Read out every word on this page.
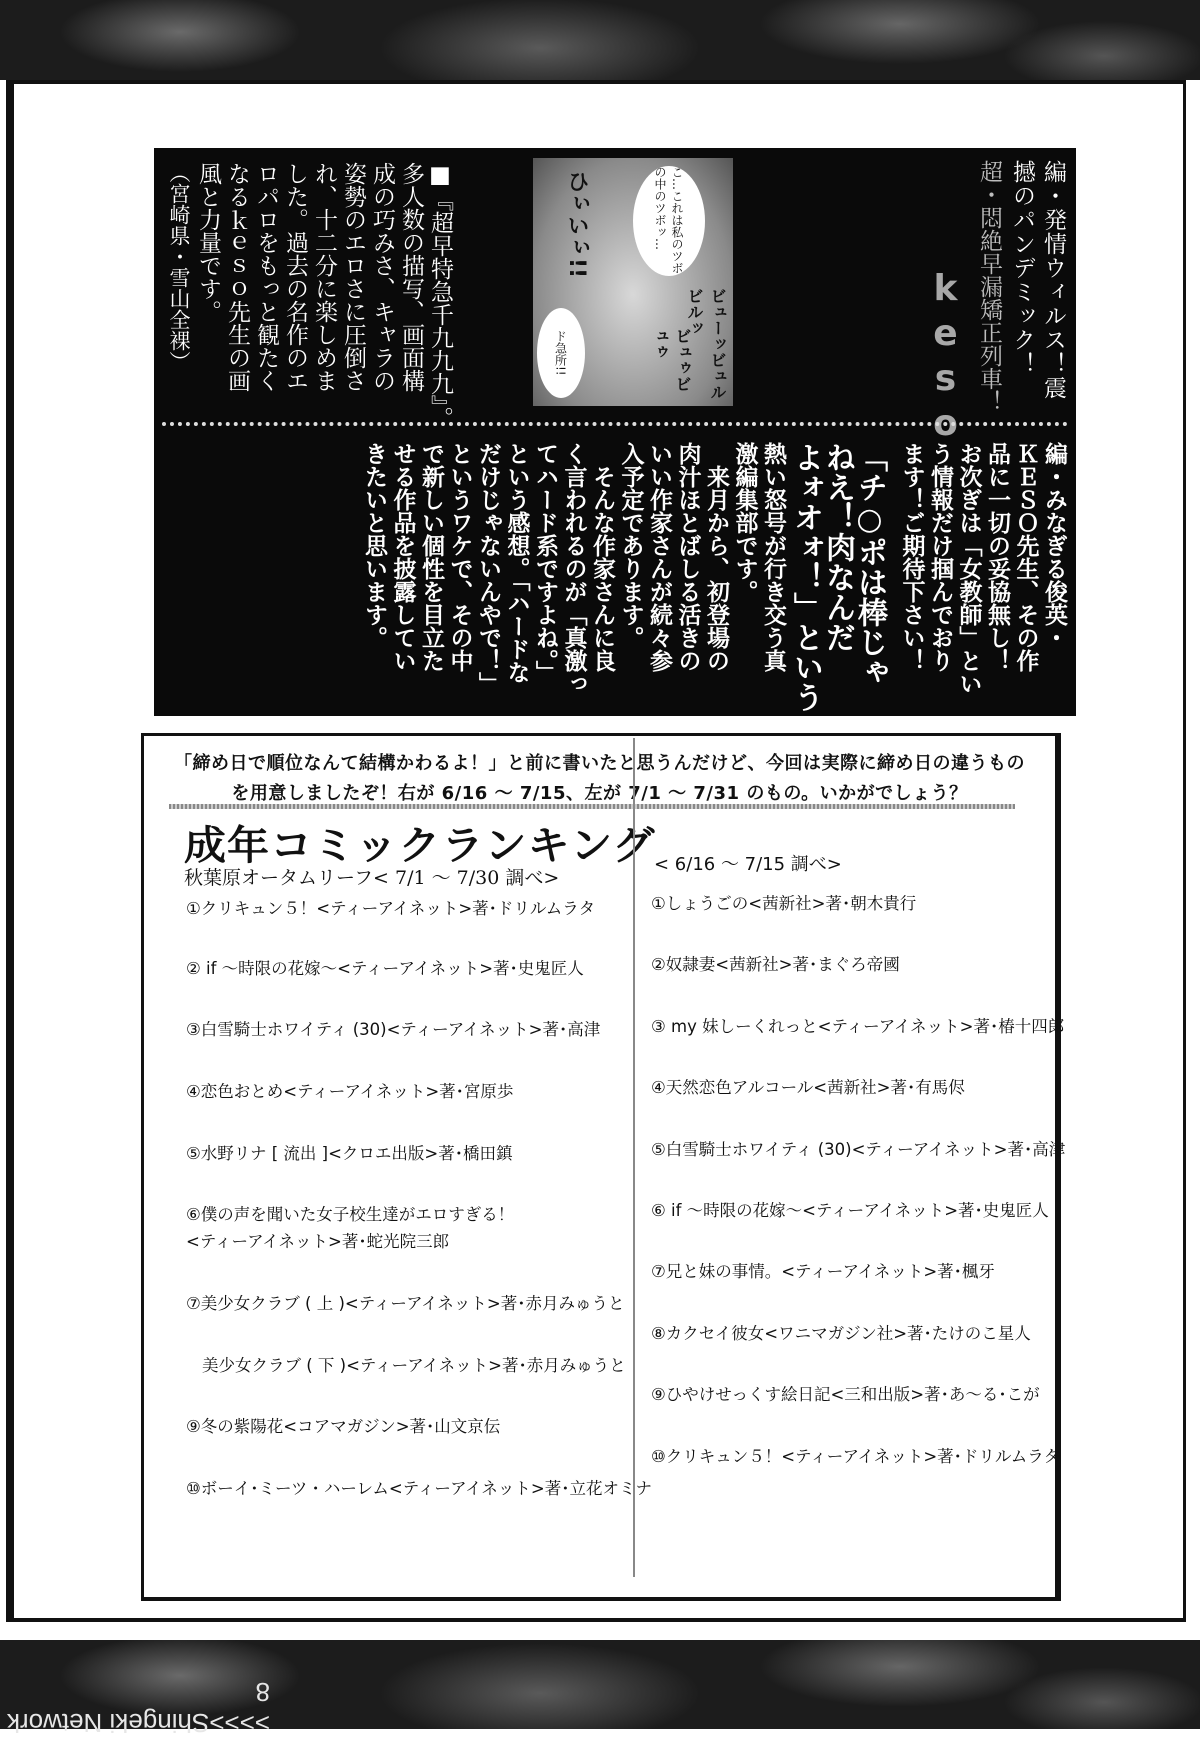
編・発情ウィルス！震
撼のパンデミック！
超・悶絶早漏矯正列車！
keso
こ…これは私のツボの中のツボッ…
ド急所!!
ひぃいぃ!!
ビューッビュルビルッ
ビュゥビュゥ
■『超早特急千九九九』。
多人数の描写、画面構
成の巧みさ、キャラの
姿勢のエロさに圧倒さ
れ、十二分に楽しめま
した。過去の名作のエ
ロパロをもっと観たく
なるｋｅｓｏ先生の画
風と力量です。
（宮崎県・雪山全裸）
編・みなぎる俊英・
ＫＥＳＯ先生、その作
品に一切の妥協無し！
お次ぎは「女教師」とい
う情報だけ掴んでおり
ます！ご期待下さい！
「チ○ポは棒じゃ
ねえ！肉なんだ
よォオォ！」という
熱い怒号が行き交う真
激編集部です。
　来月から、初登場の
肉汁ほとばしる活きの
いい作家さんが続々参
入予定であります。
　そんな作家さんに良
く言われるのが「真激っ
てハード系ですよね。」
という感想。「ハードな
だけじゃないんやで！」
というワケで、その中
で新しい個性を目立た
せる作品を披露してい
きたいと思います。
「締め日で順位なんて結構かわるよ！」と前に書いたと思うんだけど、今回は実際に締め日の違うもの
を用意しましたぞ！右が 6/16 ～ 7/15、左が 7/1 ～ 7/31 のもの。いかがでしょう？
成年コミックランキング
秋葉原オータムリーフ< 7/1 ～ 7/30 調べ>
< 6/16 ～ 7/15 調べ>
①クリキュン５！<ティーアイネット>著･ドリルムラタ
② if ～時限の花嫁～<ティーアイネット>著･史鬼匠人
③白雪騎士ホワイティ (30)<ティーアイネット>著･高津
④恋色おとめ<ティーアイネット>著･宮原歩
⑤水野リナ [ 流出 ]<クロエ出版>著･橋田鎮
⑥僕の声を聞いた女子校生達がエロすぎる！
<ティーアイネット>著･蛇光院三郎
⑦美少女クラブ ( 上 )<ティーアイネット>著･赤月みゅうと
美少女クラブ ( 下 )<ティーアイネット>著･赤月みゅうと
⑨冬の紫陽花<コアマガジン>著･山文京伝
⑩ボーイ･ミーツ・ハーレム<ティーアイネット>著･立花オミナ
①しょうごの<茜新社>著･朝木貴行
②奴隷妻<茜新社>著･まぐろ帝國
③ my 妹しーくれっと<ティーアイネット>著･椿十四郎
④天然恋色アルコール<茜新社>著･有馬侭
⑤白雪騎士ホワイティ (30)<ティーアイネット>著･高津
⑥ if ～時限の花嫁～<ティーアイネット>著･史鬼匠人
⑦兄と妹の事情。<ティーアイネット>著･楓牙
⑧カクセイ彼女<ワニマガジン社>著･たけのこ星人
⑨ひやけせっくす絵日記<三和出版>著･あ～る･こが
⑩クリキュン５！<ティーアイネット>著･ドリルムラタ
>>>>Shingeki Network 8
